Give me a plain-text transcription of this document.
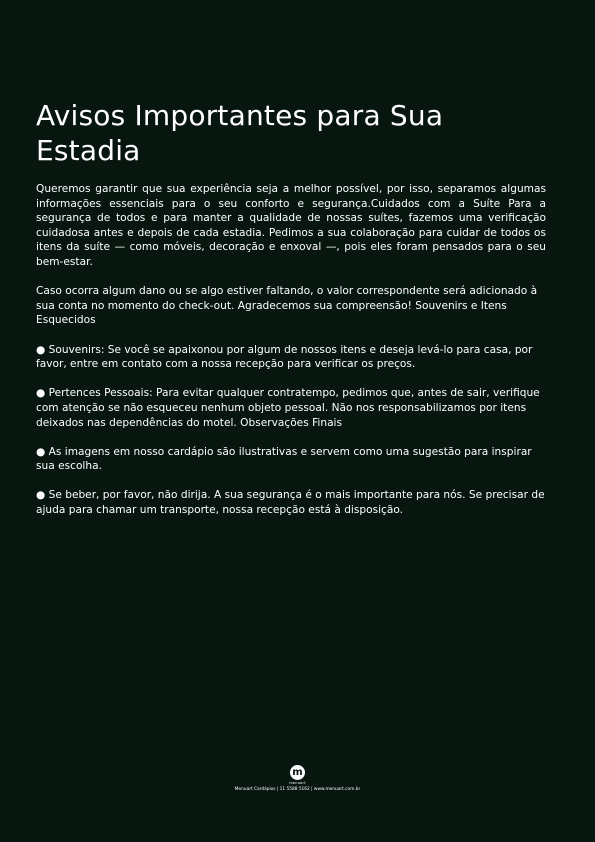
Avisos Importantes para Sua Estadia

Queremos garantir que sua experiência seja a melhor possível, por isso, separamos algumas informações essenciais para o seu conforto e segurança.Cuidados com a Suíte Para a segurança de todos e para manter a qualidade de nossas suítes, fazemos uma verificação cuidadosa antes e depois de cada estadia. Pedimos a sua colaboração para cuidar de todos os itens da suíte — como móveis, decoração e enxoval —, pois eles foram pensados para o seu bem-estar.

Caso ocorra algum dano ou se algo estiver faltando, o valor correspondente será adicionado à sua conta no momento do check-out. Agradecemos sua compreensão! Souvenirs e Itens Esquecidos

● Souvenirs: Se você se apaixonou por algum de nossos itens e deseja levá-lo para casa, por favor, entre em contato com a nossa recepção para verificar os preços.

● Pertences Pessoais: Para evitar qualquer contratempo, pedimos que, antes de sair, verifique com atenção se não esqueceu nenhum objeto pessoal. Não nos responsabilizamos por itens deixados nas dependências do motel. Observações Finais

● As imagens em nosso cardápio são ilustrativas e servem como uma sugestão para inspirar sua escolha.

● Se beber, por favor, não dirija. A sua segurança é o mais importante para nós. Se precisar de ajuda para chamar um transporte, nossa recepção está à disposição.

m
menuart
Menuart Cardápios | 11 5588 5162 | www.menuart.com.br
